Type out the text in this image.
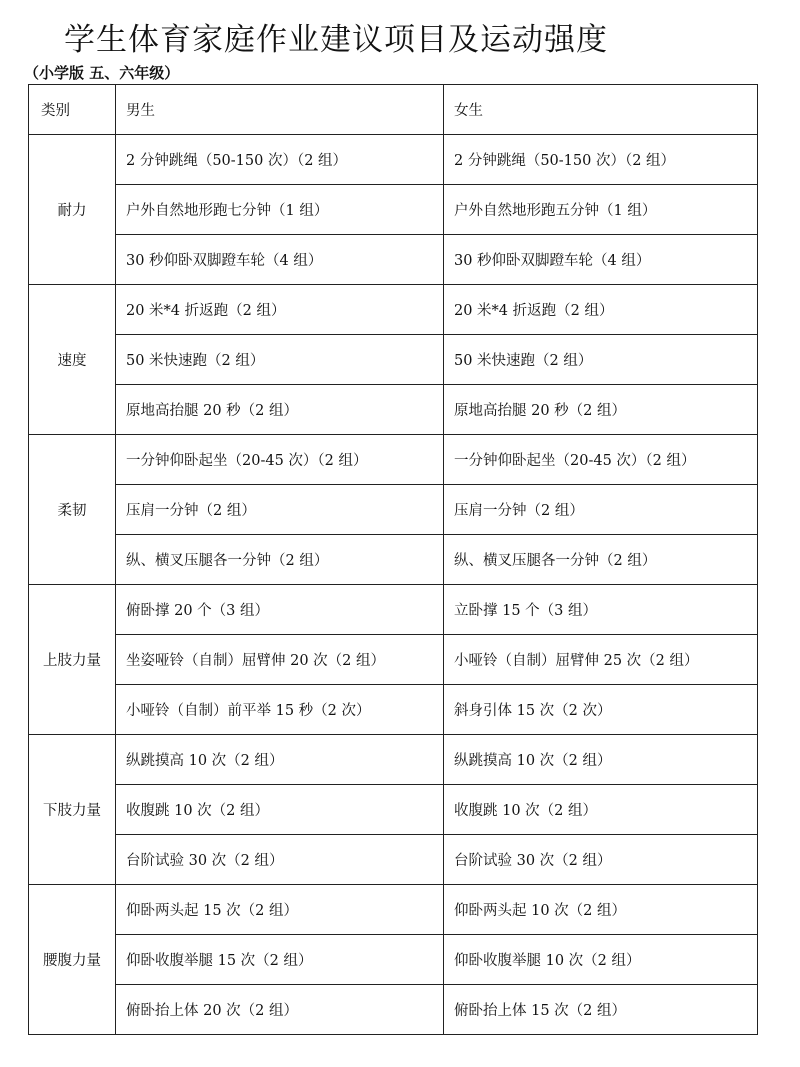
学生体育家庭作业建议项目及运动强度
（小学版 五、六年级）
类别	男生	女生
耐力	2 分钟跳绳（50-150 次）（2 组）	2 分钟跳绳（50-150 次）（2 组）
	户外自然地形跑七分钟（1 组）	户外自然地形跑五分钟（1 组）
	30 秒仰卧双脚蹬车轮（4 组）	30 秒仰卧双脚蹬车轮（4 组）
速度	20 米*4 折返跑（2 组）	20 米*4 折返跑（2 组）
	50 米快速跑（2 组）	50 米快速跑（2 组）
	原地高抬腿 20 秒（2 组）	原地高抬腿 20 秒（2 组）
柔韧	一分钟仰卧起坐（20-45 次）（2 组）	一分钟仰卧起坐（20-45 次）（2 组）
	压肩一分钟（2 组）	压肩一分钟（2 组）
	纵、横叉压腿各一分钟（2 组）	纵、横叉压腿各一分钟（2 组）
上肢力量	俯卧撑 20 个（3 组）	立卧撑 15 个（3 组）
	坐姿哑铃（自制）屈臂伸 20 次（2 组）	小哑铃（自制）屈臂伸 25 次（2 组）
	小哑铃（自制）前平举 15 秒（2 次）	斜身引体 15 次（2 次）
下肢力量	纵跳摸高 10 次（2 组）	纵跳摸高 10 次（2 组）
	收腹跳 10 次（2 组）	收腹跳 10 次（2 组）
	台阶试验 30 次（2 组）	台阶试验 30 次（2 组）
腰腹力量	仰卧两头起 15 次（2 组）	仰卧两头起 10 次（2 组）
	仰卧收腹举腿 15 次（2 组）	仰卧收腹举腿 10 次（2 组）
	俯卧抬上体 20 次（2 组）	俯卧抬上体 15 次（2 组）
